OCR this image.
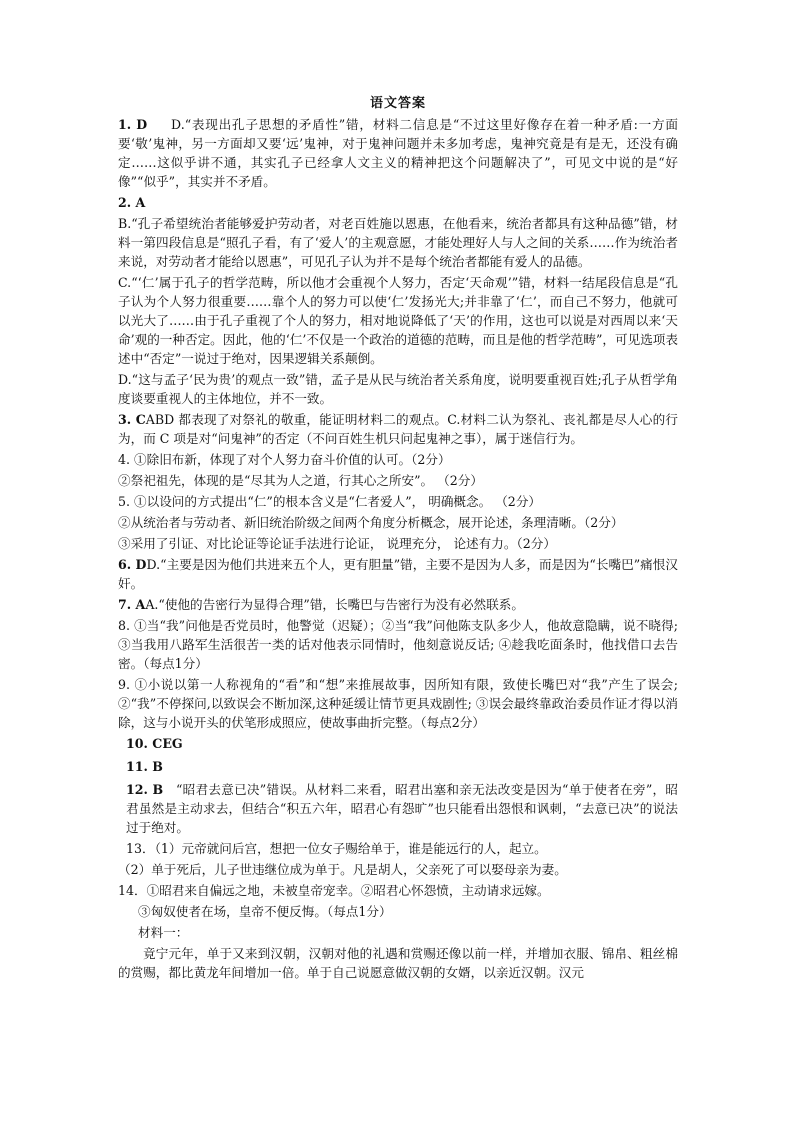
语文答案

1. D D.“表现出孔子思想的矛盾性”错，材料二信息是“不过这里好像存在着一种矛盾:一方面要‘敬’鬼神，另一方面却又要‘远’鬼神，对于鬼神问题并未多加考虑，鬼神究竟是有是无，还没有确定……这似乎讲不通，其实孔子已经拿人文主义的精神把这个问题解决了”，可见文中说的是“好像”“似乎”，其实并不矛盾。

2. A

B.“孔子希望统治者能够爱护劳动者，对老百姓施以恩惠，在他看来，统治者都具有这种品德”错，材料一第四段信息是“照孔子看，有了‘爱人’的主观意愿，才能处理好人与人之间的关系……作为统治者来说，对劳动者才能给以恩惠”，可见孔子认为并不是每个统治者都能有爱人的品德。

C.“‘仁’属于孔子的哲学范畴，所以他才会重视个人努力，否定‘天命观’”错，材料一结尾段信息是“孔子认为个人努力很重要……靠个人的努力可以使‘仁’发扬光大;并非靠了‘仁’，而自己不努力，他就可以光大了……由于孔子重视了个人的努力，相对地说降低了‘天’的作用，这也可以说是对西周以来‘天命’观的一种否定。因此，他的‘仁’不仅是一个政治的道德的范畴，而且是他的哲学范畴”，可见选项表述中“否定”一说过于绝对，因果逻辑关系颠倒。

D.“这与孟子‘民为贵’的观点一致”错，孟子是从民与统治者关系角度，说明要重视百姓;孔子从哲学角度谈要重视人的主体地位，并不一致。

3. CABD 都表现了对祭礼的敬重，能证明材料二的观点。C.材料二认为祭礼、丧礼都是尽人心的行为，而 C 项是对“问鬼神”的否定（不问百姓生机只问起鬼神之事），属于迷信行为。

4. ①除旧布新，体现了对个人努力奋斗价值的认可。（2分）

②祭祀祖先，体现的是“尽其为人之道，行其心之所安”。 （2分）

5. ①以设问的方式提出“仁”的根本含义是“仁者爱人”， 明确概念。 （2分）

②从统治者与劳动者、新旧统治阶级之间两个角度分析概念，展开论述，条理清晰。（2分）

③采用了引证、对比论证等论证手法进行论证， 说理充分， 论述有力。（2分）

6. DD.“主要是因为他们共进来五个人，更有胆量”错，主要不是因为人多，而是因为“长嘴巴”痛恨汉奸。

7. AA.“使他的告密行为显得合理”错，长嘴巴与告密行为没有必然联系。

8. ①当“我”问他是否党员时，他警觉（迟疑）；②当“我”问他陈支队多少人，他故意隐瞒，说不晓得; ③当我用八路军生活很苦一类的话对他表示同情时，他刻意说反话; ④趁我吃面条时，他找借口去告密。（每点1分）

9. ①小说以第一人称视角的“看”和“想”来推展故事，因所知有限，致使长嘴巴对“我”产生了误会; ②“我”不停探问,以致误会不断加深,这种延缓让情节更具戏剧性; ③误会最终靠政治委员作证才得以消除，这与小说开头的伏笔形成照应，使故事曲折完整。（每点2分）

10. CEG

11. B

12. B “昭君去意已决”错误。从材料二来看，昭君出塞和亲无法改变是因为“单于使者在旁”，昭君虽然是主动求去，但结合“积五六年，昭君心有怨旷”也只能看出怨恨和讽刺，“去意已决”的说法过于绝对。

13．（1）元帝就问后宫，想把一位女子赐给单于，谁是能远行的人，起立。

（2）单于死后，儿子世违继位成为单于。凡是胡人，父亲死了可以娶母亲为妻。

14．①昭君来自偏远之地，未被皇帝宠幸。②昭君心怀怨愤，主动请求远嫁。

③匈奴使者在场，皇帝不便反悔。（每点1分）

材料一：

竟宁元年，单于又来到汉朝，汉朝对他的礼遇和赏赐还像以前一样，并增加衣服、锦帛、粗丝棉的赏赐，都比黄龙年间增加一倍。单于自己说愿意做汉朝的女婿，以亲近汉朝。汉元
